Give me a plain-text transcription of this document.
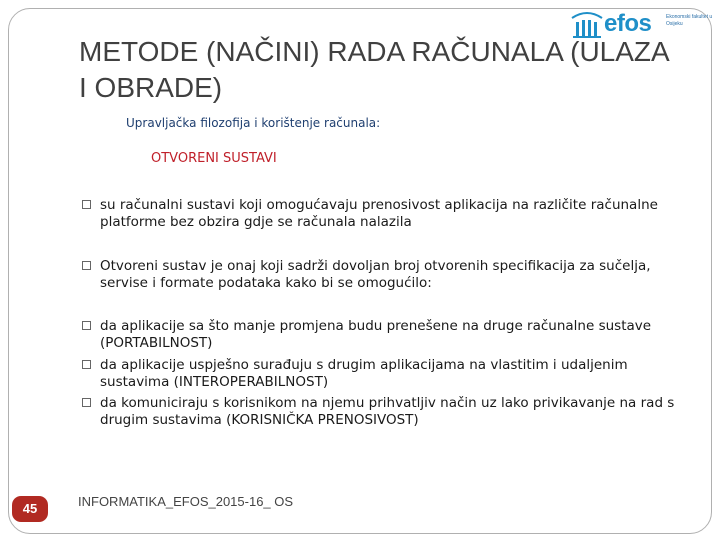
efos	Ekonomski fakultet u Osijeku
METODE (NAČINI) RADA RAČUNALA (ULAZA I OBRADE)
Upravljačka filozofija i korištenje računala:
OTVORENI SUSTAVI
su računalni sustavi koji omogućavaju prenosivost aplikacija na različite računalne platforme bez obzira gdje se računala nalazila
Otvoreni sustav je onaj koji sadrži dovoljan broj otvorenih specifikacija za sučelja, servise i formate podataka kako bi se omogućilo:
da aplikacije sa što manje promjena budu prenešene na druge računalne sustave (PORTABILNOST)
da aplikacije uspješno surađuju s drugim aplikacijama na vlastitim i udaljenim sustavima (INTEROPERABILNOST)
da komuniciraju s korisnikom na njemu prihvatljiv način uz lako privikavanje na rad s drugim sustavima (KORISNIČKA PRENOSIVOST)
45	INFORMATIKA_EFOS_2015-16_ OS
